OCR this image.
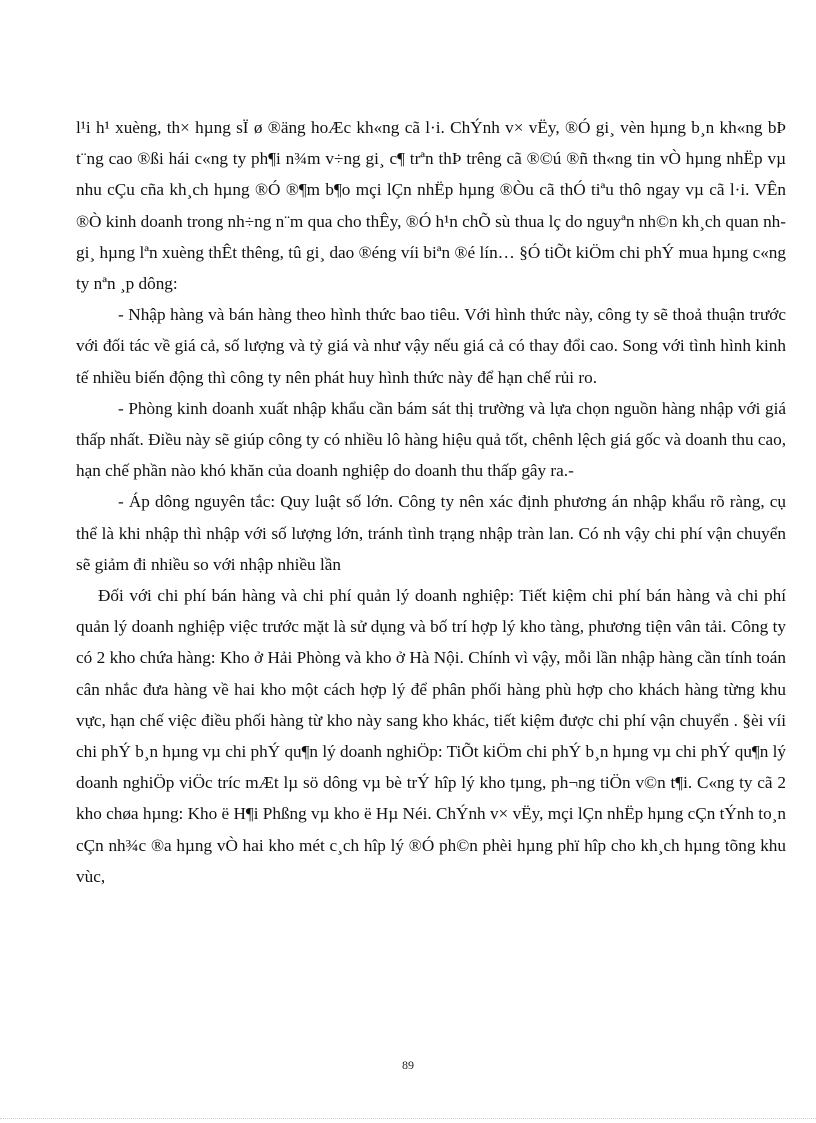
l¹i h¹ xuèng, th× hµng sÏ ø ®äng hoÆc kh«ng cã l·i. ChÝnh v× vËy, ®Ó gi¸ vèn hµng b¸n kh«ng bÞ t¨ng cao ®ßi hái c«ng ty ph¶i n¾m v÷ng gi¸ c¶ trªn thÞ trêng cã ®©ú ®ñ th«ng tin vÒ hµng nhËp vµ nhu cÇu cña kh¸ch hµng ®Ó ®¶m b¶o mçi lÇn nhËp hµng ®Òu cã thÓ tiªu thô ngay vµ cã l·i. VÊn ®Ò kinh doanh trong nh÷ng n¨m qua cho thÊy, ®Ó h¹n chÕ sù thua lç do nguyªn nh©n kh¸ch quan nh gi¸ hµng lªn xuèng thÊt thêng, tû gi¸ dao ®éng víi biªn ®é lín… §Ó tiÕt kiÖm chi phÝ mua hµng c«ng ty nªn ¸p dông:

- Nhập hàng và bán hàng theo hình thức bao tiêu. Với hình thức này, công ty sẽ thoả thuận trước với đối tác về giá cả, số lượng và tỷ giá và như vậy nếu giá cả có thay đổi cao. Song với tình hình kinh tế nhiều biến động thì công ty nên phát huy hình thức này để hạn chế rủi ro.

- Phòng kinh doanh xuất nhập khẩu cần bám sát thị trường và lựa chọn nguồn hàng nhập với giá thấp nhất. Điều này sẽ giúp công ty có nhiều lô hàng hiệu quả tốt, chênh lệch giá gốc và doanh thu cao, hạn chế phần nào khó khăn của doanh nghiệp do doanh thu thấp gây ra.-

- Áp dông nguyên tắc: Quy luật số lớn. Công ty nên xác định phương án nhập khẩu rõ ràng, cụ thể là khi nhập thì nhập với số lượng lớn, tránh tình trạng nhập tràn lan. Có nh vậy chi phí vận chuyển sẽ giảm đi nhiều so với nhập nhiều lần

Đối với chi phí bán hàng và chi phí quản lý doanh nghiệp: Tiết kiệm chi phí bán hàng và chi phí quản lý doanh nghiệp việc trước mặt là sử dụng và bố trí hợp lý kho tàng, phương tiện vân tải. Công ty có 2 kho chứa hàng: Kho ở Hải Phòng và kho ở Hà Nội. Chính vì vậy, mỗi lần nhập hàng cần tính toán cân nhắc đưa hàng về hai kho một cách hợp lý để phân phối hàng phù hợp cho khách hàng từng khu vực, hạn chế việc điều phối hàng từ kho này sang kho khác, tiết kiệm được chi phí vận chuyển . §èi víi chi phÝ b¸n hµng vµ chi phÝ qu¶n lý doanh nghiÖp: TiÕt kiÖm chi phÝ b¸n hµng vµ chi phÝ qu¶n lý doanh nghiÖp viÖc tríc mÆt lµ sö dông vµ bè trÝ hîp lý kho tµng, ph¬ng tiÖn v©n t¶i. C«ng ty cã 2 kho chøa hµng: Kho ë H¶i Phßng vµ kho ë Hµ Néi. ChÝnh v× vËy, mçi lÇn nhËp hµng cÇn tÝnh to¸n cÇn nh¾c ®a hµng vÒ hai kho mét c¸ch hîp lý ®Ó ph©n phèi hµng phï hîp cho kh¸ch hµng tõng khu vùc,

89
